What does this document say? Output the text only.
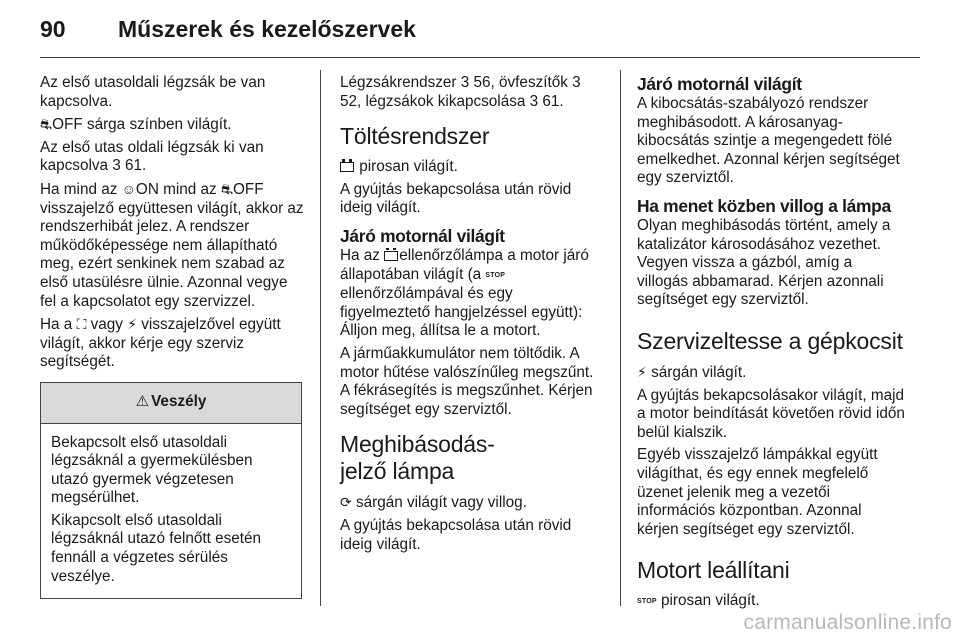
90 Műszerek és kezelőszervek

Az első utasoldali légzsák be van kapcsolva.

⛐OFF sárga színben világít.

Az első utas oldali légzsák ki van kapcsolva 3 61.

Ha mind az ☺ON mind az ⛐OFF visszajelző együttesen világít, akkor az rendszerhibát jelez. A rendszer működőképessége nem állapítható meg, ezért senkinek nem szabad az első utasülésre ülnie. Azonnal vegye fel a kapcsolatot egy szervizzel.

Ha a ⛶ vagy ⚡ visszajelzővel együtt világít, akkor kérje egy szerviz segítségét.

⚠ Veszély

Bekapcsolt első utasoldali légzsáknál a gyermekülésben utazó gyermek végzetesen megsérülhet.

Kikapcsolt első utasoldali légzsáknál utazó felnőtt esetén fennáll a végzetes sérülés veszélye.

Légzsákrendszer 3 56, övfeszítők 3 52, légzsákok kikapcsolása 3 61.

Töltésrendszer

pirosan világít.

A gyújtás bekapcsolása után rövid ideig világít.

Járó motornál világít

Ha az ellenőrzőlámpa a motor járó állapotában világít (a STOP
ellenőrzőlámpával és egy figyelmeztető hangjelzéssel együtt): Álljon meg, állítsa le a motort.

A járműakkumulátor nem töltődik. A motor hűtése valószínűleg megszűnt. A fékrásegítés is megszűnhet. Kérjen segítséget egy szerviztől.

Meghibásodás-jelző lámpa

⟳ sárgán világít vagy villog.

A gyújtás bekapcsolása után rövid ideig világít.

Járó motornál világít

A kibocsátás-szabályozó rendszer meghibásodott. A károsanyag-kibocsátás szintje a megengedett fölé emelkedhet. Azonnal kérjen segítséget egy szerviztől.

Ha menet közben villog a lámpa

Olyan meghibásodás történt, amely a katalizátor károsodásához vezethet. Vegyen vissza a gázból, amíg a villogás abbamarad. Kérjen azonnali segítséget egy szerviztől.

Szervizeltesse a gépkocsit

⚡ sárgán világít.

A gyújtás bekapcsolásakor világít, majd a motor beindítását követően rövid időn belül kialszik.

Egyéb visszajelző lámpákkal együtt világíthat, és egy ennek megfelelő üzenet jelenik meg a vezetői információs központban. Azonnal kérjen segítséget egy szerviztől.

Motort leállítani

STOP pirosan világít.

carmanualsonline.info
